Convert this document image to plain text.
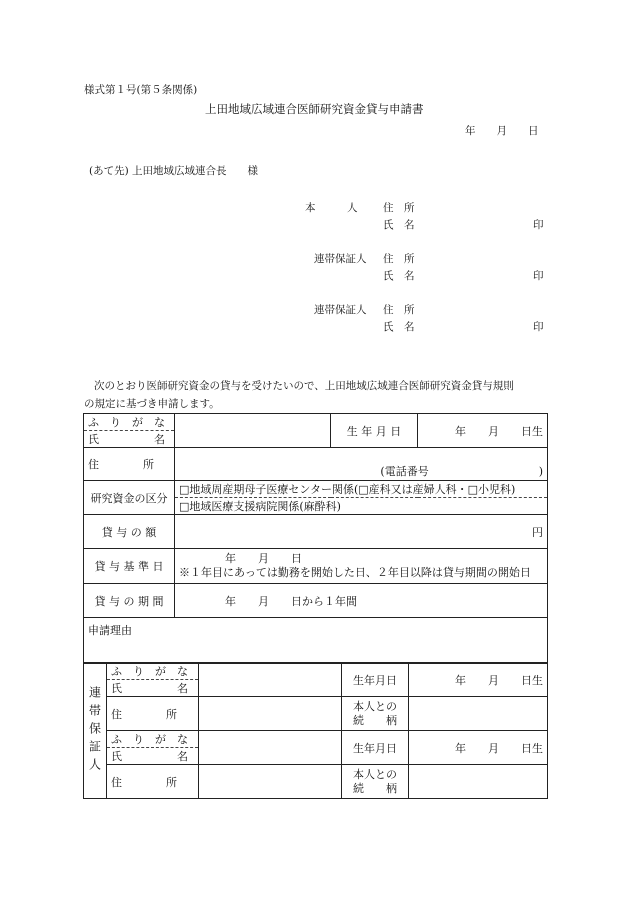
様式第１号(第５条関係)
上田地域広域連合医師研究資金貸与申請書
年　　月　　日
(あて先) 上田地域広域連合長　　様
本　　　人 住　所
氏　名	印
連帯保証人 住　所
氏　名	印
連帯保証人 住　所
氏　名	印
次のとおり医師研究資金の貸与を受けたいので、上田地域広域連合医師研究資金貸与規則
の規定に基づき申請します。
ふ　り　が　な		生 年 月 日	年　　月　　日生
氏　　　　　名			
住　　　　所	(電話番号　　　　　　　　　　)		
研究資金の区分	□地域周産期母子医療センター関係(□産科又は産婦人科・□小児科)		
	□地域医療支援病院関係(麻酔科)		
貸 与 の 額	円		
貸 与 基 準 日	年　　月　　日
※１年目にあっては勤務を開始した日、２年目以降は貸与期間の開始日		

貸 与 の 期 間	年　　月　　日から１年間		
申請理由			
連帯保証人	ふ　り　が　な		生年月日	年　　月　　日生
	氏　　　　　名			
	住　　　　所		本人との
続　　柄	

	ふ　り　が　な		生年月日	年　　月　　日生
	氏　　　　　名			
	住　　　　所		本人との
続　　柄	
